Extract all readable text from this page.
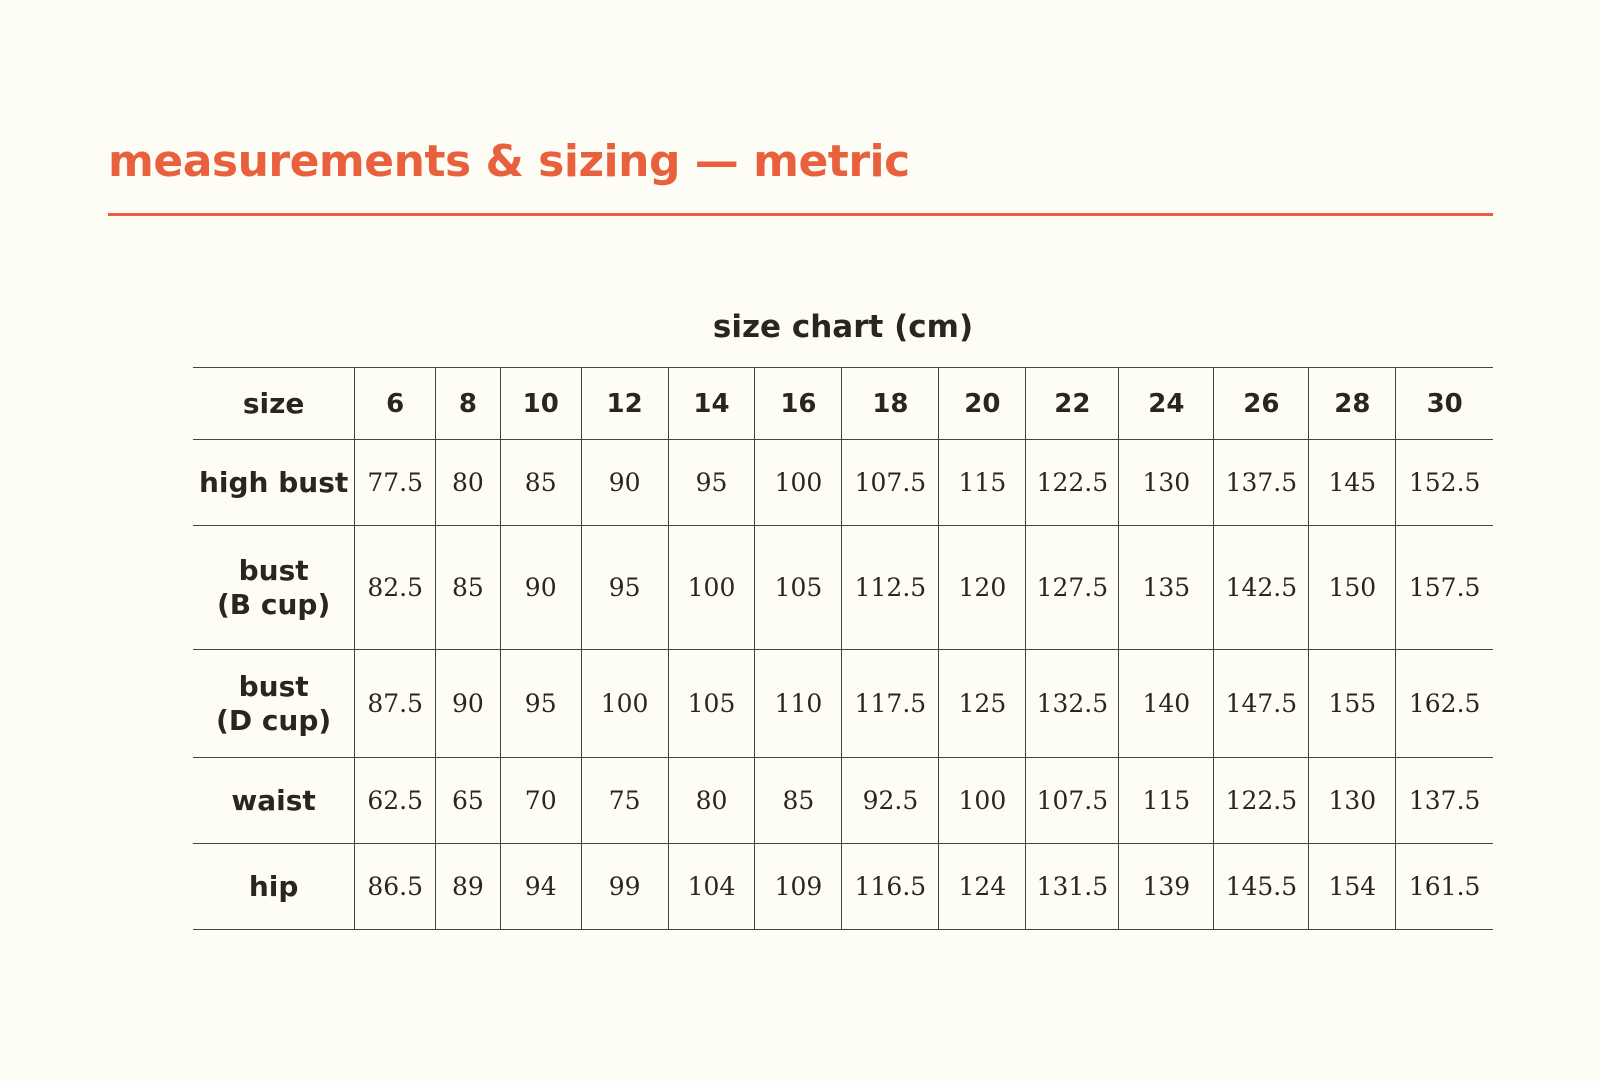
measurements & sizing — metric
size chart (cm)
size	6	8	10	12	14	16	18	20	22	24	26	28	30

high bust	77.5	80	85	90	95	100	107.5	115	122.5	130	137.5	145	152.5

bust
(B cup)	82.5	85	90	95	100	105	112.5	120	127.5	135	142.5	150	157.5

bust
(D cup)	87.5	90	95	100	105	110	117.5	125	132.5	140	147.5	155	162.5

waist	62.5	65	70	75	80	85	92.5	100	107.5	115	122.5	130	137.5

hip	86.5	89	94	99	104	109	116.5	124	131.5	139	145.5	154	161.5
